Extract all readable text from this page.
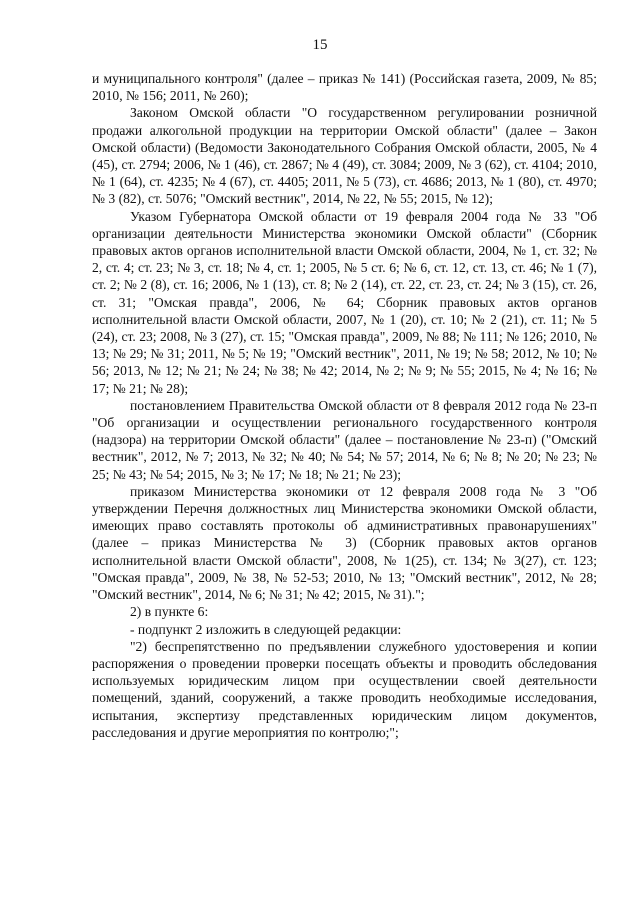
15

и муниципального контроля" (далее – приказ № 141) (Российская газета, 2009, № 85; 2010, № 156; 2011, № 260);

Законом Омской области "О государственном регулировании розничной продажи алкогольной продукции на территории Омской области" (далее – Закон Омской области) (Ведомости Законодательного Собрания Омской области, 2005, № 4 (45), ст. 2794; 2006, № 1 (46), ст. 2867; № 4 (49), ст. 3084; 2009, № 3 (62), ст. 4104; 2010, № 1 (64), ст. 4235; № 4 (67), ст. 4405; 2011, № 5 (73), ст. 4686; 2013, № 1 (80), ст. 4970; № 3 (82), ст. 5076; "Омский вестник", 2014, № 22, № 55; 2015, № 12);

Указом Губернатора Омской области от 19 февраля 2004 года № 33 "Об организации деятельности Министерства экономики Омской области" (Сборник правовых актов органов исполнительной власти Омской области, 2004, № 1, ст. 32; № 2, ст. 4; ст. 23; № 3, ст. 18; № 4, ст. 1; 2005, № 5 ст. 6; № 6, ст. 12, ст. 13, ст. 46; № 1 (7), ст. 2; № 2 (8), ст. 16; 2006, № 1 (13), ст. 8; № 2 (14), ст. 22, ст. 23, ст. 24; № 3 (15), ст. 26, ст. 31; "Омская правда", 2006, № 64; Сборник правовых актов органов исполнительной власти Омской области, 2007, № 1 (20), ст. 10; № 2 (21), ст. 11; № 5 (24), ст. 23; 2008, № 3 (27), ст. 15; "Омская правда", 2009, № 88; № 111; № 126; 2010, № 13; № 29; № 31; 2011, № 5; № 19; "Омский вестник", 2011, № 19; № 58; 2012, № 10; № 56; 2013, № 12; № 21; № 24; № 38; № 42; 2014, № 2; № 9; № 55; 2015, № 4; № 16; № 17; № 21; № 28);

постановлением Правительства Омской области от 8 февраля 2012 года № 23-п "Об организации и осуществлении регионального государственного контроля (надзора) на территории Омской области" (далее – постановление № 23-п) ("Омский вестник", 2012, № 7; 2013, № 32; № 40; № 54; № 57; 2014, № 6; № 8; № 20; № 23; № 25; № 43; № 54; 2015, № 3; № 17; № 18; № 21; № 23);

приказом Министерства экономики от 12 февраля 2008 года № 3 "Об утверждении Перечня должностных лиц Министерства экономики Омской области, имеющих право составлять протоколы об административных правонарушениях" (далее – приказ Министерства № 3) (Сборник правовых актов органов исполнительной власти Омской области", 2008, № 1(25), ст. 134; № 3(27), ст. 123; "Омская правда", 2009, № 38, № 52-53; 2010, № 13; "Омский вестник", 2012, № 28; "Омский вестник", 2014, № 6; № 31; № 42; 2015, № 31).";

2) в пункте 6:

- подпункт 2 изложить в следующей редакции:

"2) беспрепятственно по предъявлении служебного удостоверения и копии распоряжения о проведении проверки посещать объекты и проводить обследования используемых юридическим лицом при осуществлении своей деятельности помещений, зданий, сооружений, а также проводить необходимые исследования, испытания, экспертизу представленных юридическим лицом документов, расследования и другие мероприятия по контролю;";
